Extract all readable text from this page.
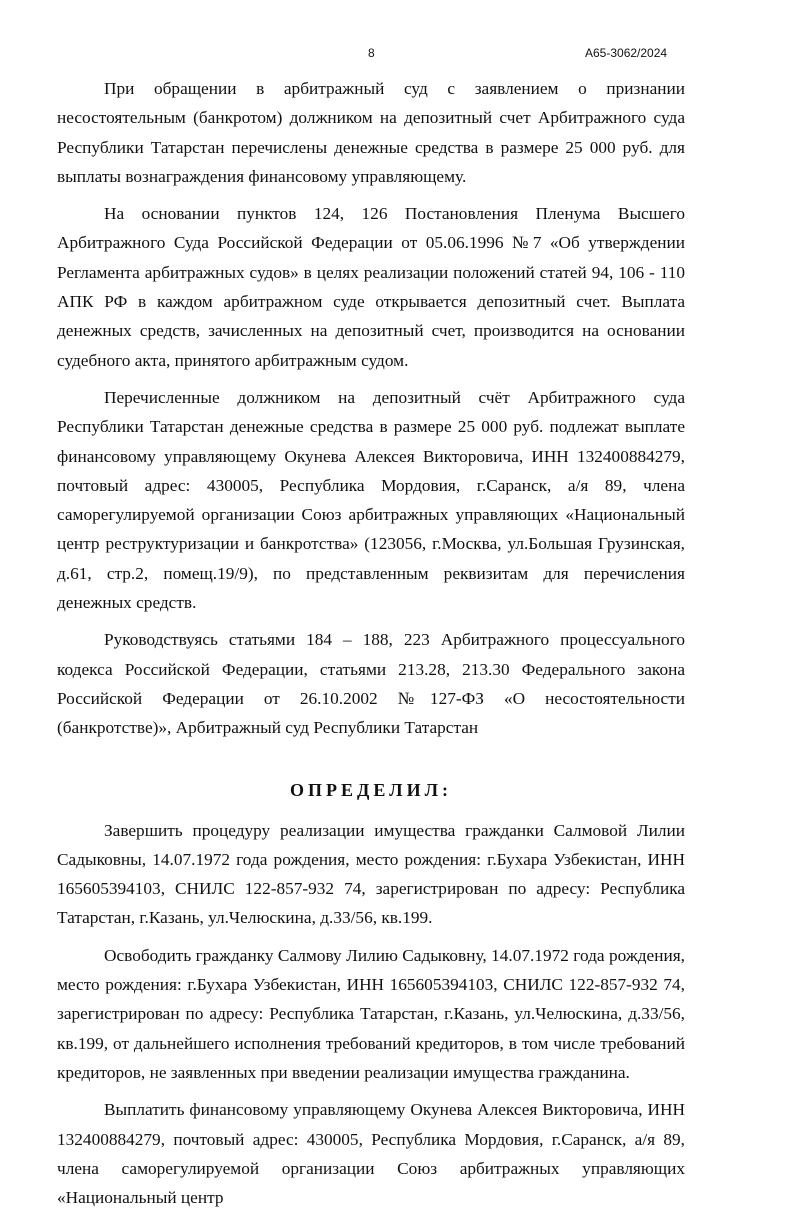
8	А65-3062/2024

При обращении в арбитражный суд с заявлением о признании несостоятельным (банкротом) должником на депозитный счет Арбитражного суда Республики Татарстан перечислены денежные средства в размере 25 000 руб. для выплаты вознаграждения финансовому управляющему.

На основании пунктов 124, 126 Постановления Пленума Высшего Арбитражного Суда Российской Федерации от 05.06.1996 №7 «Об утверждении Регламента арбитражных судов» в целях реализации положений статей 94, 106 - 110 АПК РФ в каждом арбитражном суде открывается депозитный счет. Выплата денежных средств, зачисленных на депозитный счет, производится на основании судебного акта, принятого арбитражным судом.

Перечисленные должником на депозитный счёт Арбитражного суда Республики Татарстан денежные средства в размере 25 000 руб. подлежат выплате финансовому управляющему Окунева Алексея Викторовича, ИНН 132400884279, почтовый адрес: 430005, Республика Мордовия, г.Саранск, а/я 89, члена саморегулируемой организации Союз арбитражных управляющих «Национальный центр реструктуризации и банкротства» (123056, г.Москва, ул.Большая Грузинская, д.61, стр.2, помещ.19/9), по представленным реквизитам для перечисления денежных средств.

Руководствуясь статьями 184 – 188, 223 Арбитражного процессуального кодекса Российской Федерации, статьями 213.28, 213.30 Федерального закона Российской Федерации от 26.10.2002 №127-ФЗ «О несостоятельности (банкротстве)», Арбитражный суд Республики Татарстан

ОПРЕДЕЛИЛ:

Завершить процедуру реализации имущества гражданки Салмовой Лилии Садыковны, 14.07.1972 года рождения, место рождения: г.Бухара Узбекистан, ИНН 165605394103, СНИЛС 122-857-932 74, зарегистрирован по адресу: Республика Татарстан, г.Казань, ул.Челюскина, д.33/56, кв.199.

Освободить гражданку Салмову Лилию Садыковну, 14.07.1972 года рождения, место рождения: г.Бухара Узбекистан, ИНН 165605394103, СНИЛС 122-857-932 74, зарегистрирован по адресу: Республика Татарстан, г.Казань, ул.Челюскина, д.33/56, кв.199, от дальнейшего исполнения требований кредиторов, в том числе требований кредиторов, не заявленных при введении реализации имущества гражданина.

Выплатить финансовому управляющему Окунева Алексея Викторовича, ИНН 132400884279, почтовый адрес: 430005, Республика Мордовия, г.Саранск, а/я 89, члена саморегулируемой организации Союз арбитражных управляющих «Национальный центр
